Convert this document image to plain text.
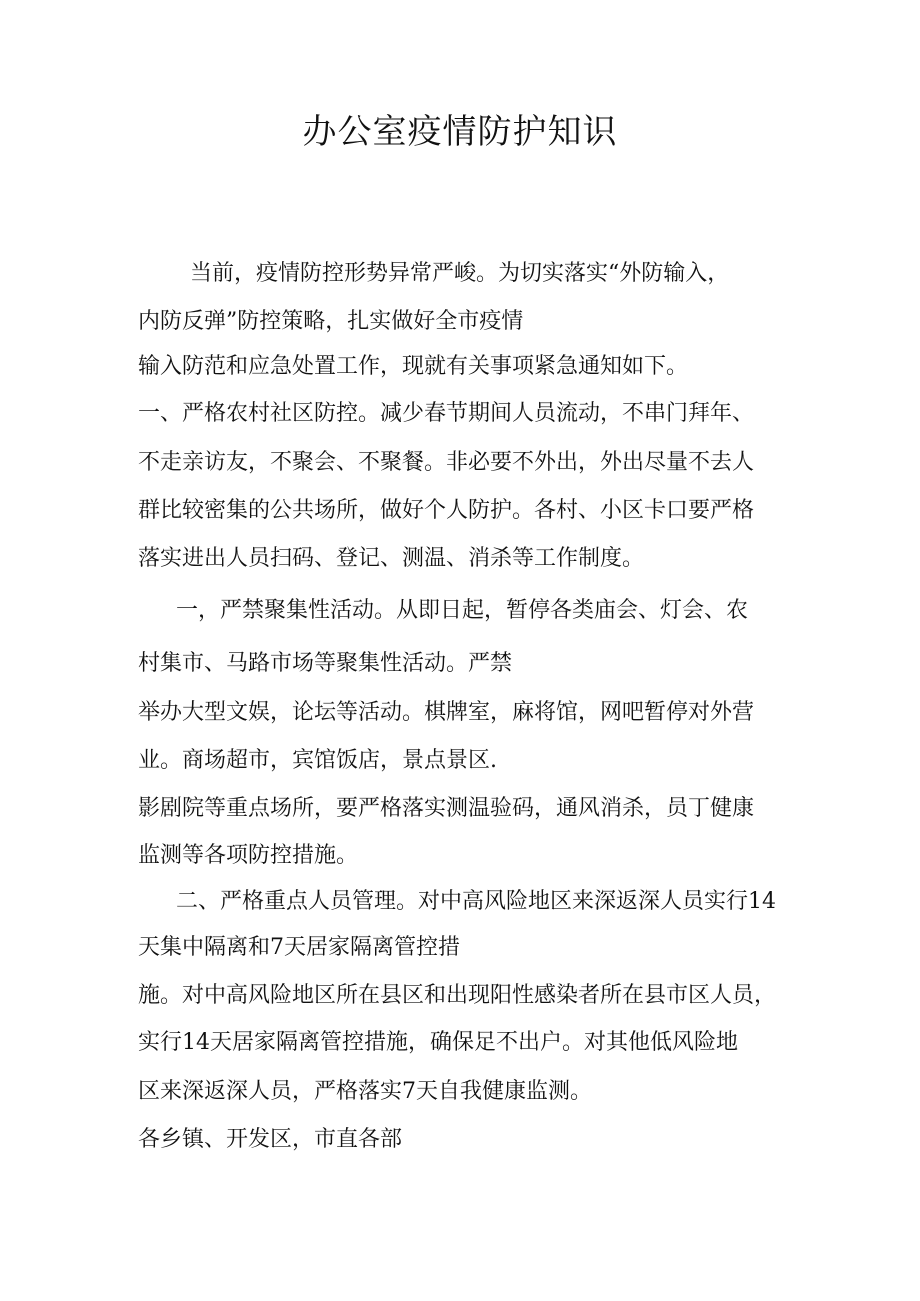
办公室疫情防护知识
当前，疫情防控形势异常严峻。为切实落实“外防输入，
内防反弹”防控策略，扎实做好全市疫情
输入防范和应急处置工作，现就有关事项紧急通知如下。
一、严格农村社区防控。减少春节期间人员流动，不串门拜年、
不走亲访友，不聚会、不聚餐。非必要不外出，外出尽量不去人
群比较密集的公共场所，做好个人防护。各村、小区卡口要严格
落实进出人员扫码、登记、测温、消杀等工作制度。
一，严禁聚集性活动。从即日起，暂停各类庙会、灯会、农
村集市、马路市场等聚集性活动。严禁
举办大型文娱，论坛等活动。棋牌室，麻将馆，网吧暂停对外营
业。商场超市，宾馆饭店，景点景区.
影剧院等重点场所，要严格落实测温验码，通风消杀，员丁健康
监测等各项防控措施。
二、严格重点人员管理。对中高风险地区来深返深人员实行14
天集中隔离和7天居家隔离管控措
施。对中高风险地区所在县区和出现阳性感染者所在县市区人员，
实行14天居家隔离管控措施，确保足不出户。对其他低风险地
区来深返深人员，严格落实7天自我健康监测。
各乡镇、开发区，市直各部
